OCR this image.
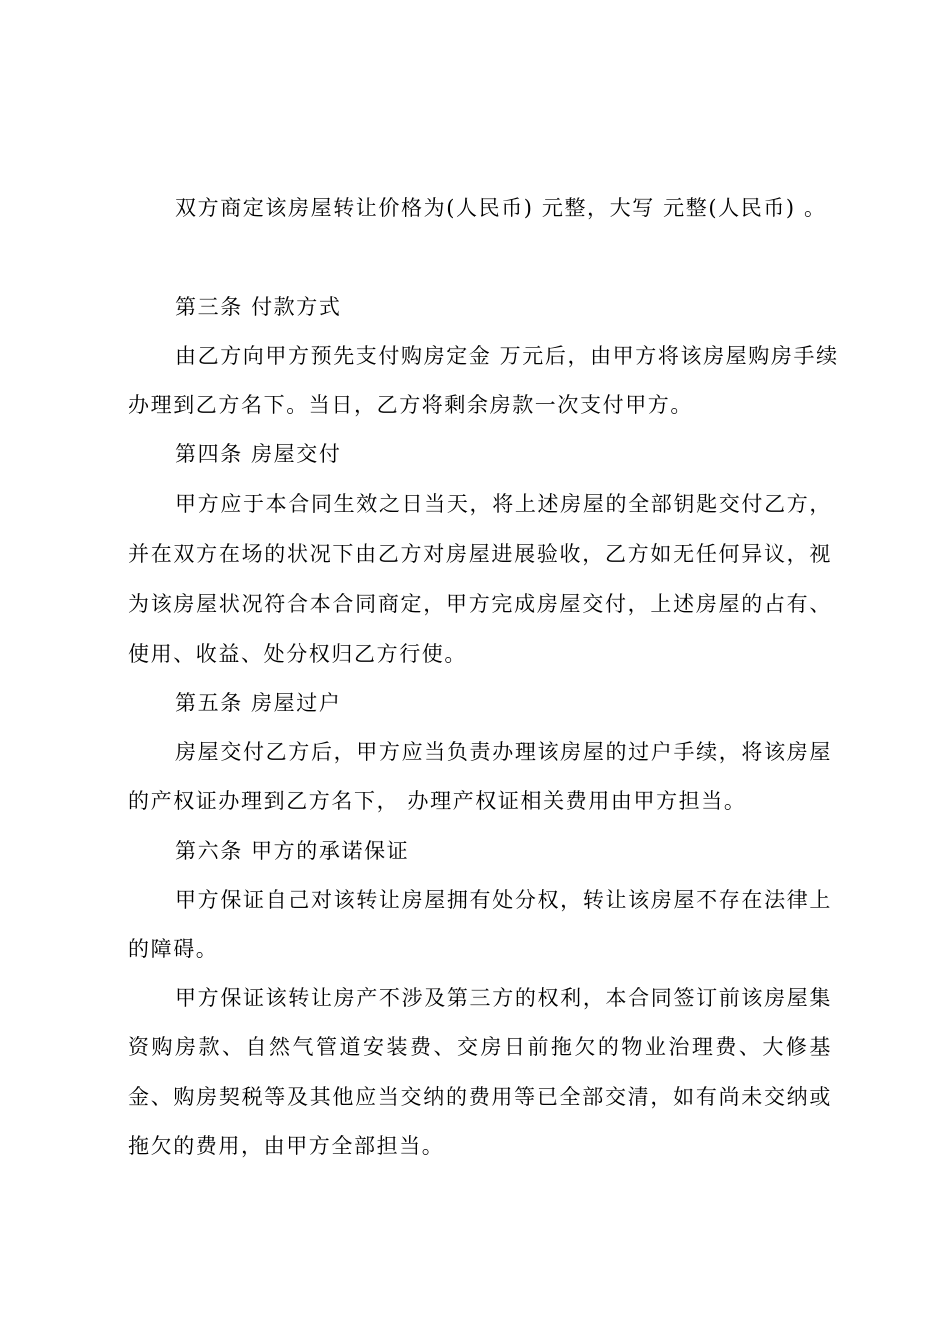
双方商定该房屋转让价格为(人民币) 元整，大写 元整(人民币) 。
第三条 付款方式
由乙方向甲方预先支付购房定金 万元后，由甲方将该房屋购房手续
办理到乙方名下。当日，乙方将剩余房款一次支付甲方。
第四条 房屋交付
甲方应于本合同生效之日当天，将上述房屋的全部钥匙交付乙方，
并在双方在场的状况下由乙方对房屋进展验收，乙方如无任何异议，视
为该房屋状况符合本合同商定，甲方完成房屋交付，上述房屋的占有、
使用、收益、处分权归乙方行使。
第五条 房屋过户
房屋交付乙方后，甲方应当负责办理该房屋的过户手续，将该房屋
的产权证办理到乙方名下， 办理产权证相关费用由甲方担当。
第六条 甲方的承诺保证
甲方保证自己对该转让房屋拥有处分权，转让该房屋不存在法律上
的障碍。
甲方保证该转让房产不涉及第三方的权利，本合同签订前该房屋集
资购房款、自然气管道安装费、交房日前拖欠的物业治理费、大修基
金、购房契税等及其他应当交纳的费用等已全部交清，如有尚未交纳或
拖欠的费用，由甲方全部担当。
